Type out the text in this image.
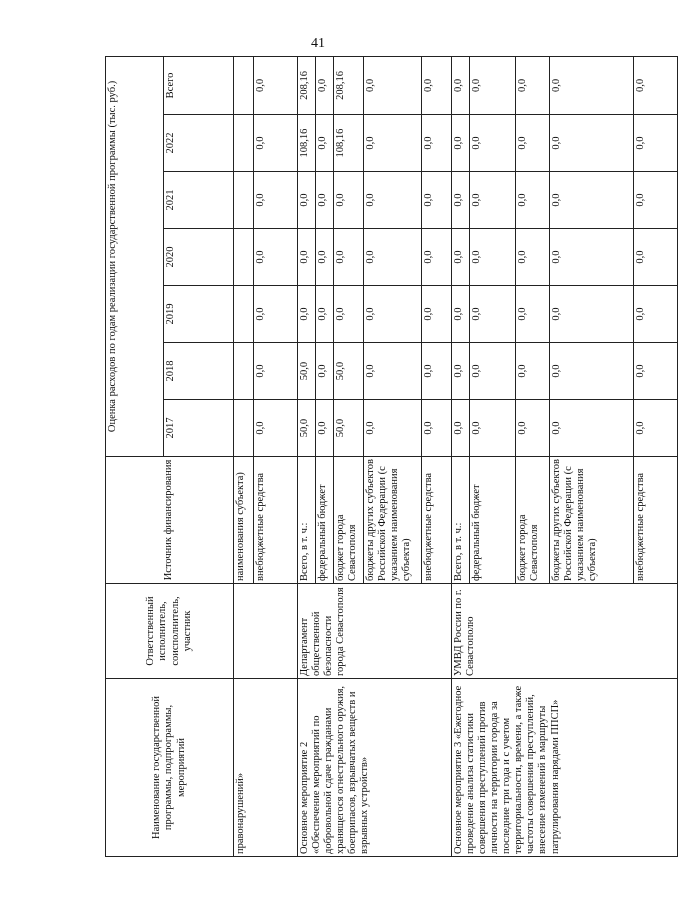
41
Наименование государственной программы, подпрограммы, мероприятий	Ответственный исполнитель, соисполнитель, участник	Источник финансирования	Оценка расходов по годам реализации государственной программы (тыс. руб.)						
			2017	2018	2019	2020	2021	2022	Всего
правонарушений»		наименования субъекта)							
		внебюджетные средства	0,0	0,0	0,0	0,0	0,0	0,0	0,0
Основное мероприятие 2 «Обеспечение мероприятий по добровольной сдаче гражданами хранящегося огнестрельного оружия, боеприпасов, взрывчатых веществ и взрывных устройств»	Департамент общественной безопасности города Севастополя	Всего, в т. ч.:	50,0	50,0	0,0	0,0	0,0	108,16	208,16
		федеральный бюджет	0,0	0,0	0,0	0,0	0,0	0,0	0,0
		бюджет города Севастополя	50,0	50,0	0,0	0,0	0,0	108,16	208,16
		бюджеты других субъектов Российской Федерации (с указанием наименования субъекта)	0,0	0,0	0,0	0,0	0,0	0,0	0,0
		внебюджетные средства	0,0	0,0	0,0	0,0	0,0	0,0	0,0
Основное мероприятие 3 «Ежегодное проведение анализа статистики совершения преступлений против личности на территории города за последние три года и с учетом территориальности, времени, а также частоты совершения преступлений, внесение изменений в маршруты патрулирования нарядами ППСП»	УМВД России по г. Севастополю	Всего, в т. ч.:	0,0	0,0	0,0	0,0	0,0	0,0	0,0
		федеральный бюджет	0,0	0,0	0,0	0,0	0,0	0,0	0,0
		бюджет города Севастополя	0,0	0,0	0,0	0,0	0,0	0,0	0,0
		бюджеты других субъектов Российской Федерации (с указанием наименования субъекта)	0,0	0,0	0,0	0,0	0,0	0,0	0,0
		внебюджетные средства	0,0	0,0	0,0	0,0	0,0	0,0	0,0
